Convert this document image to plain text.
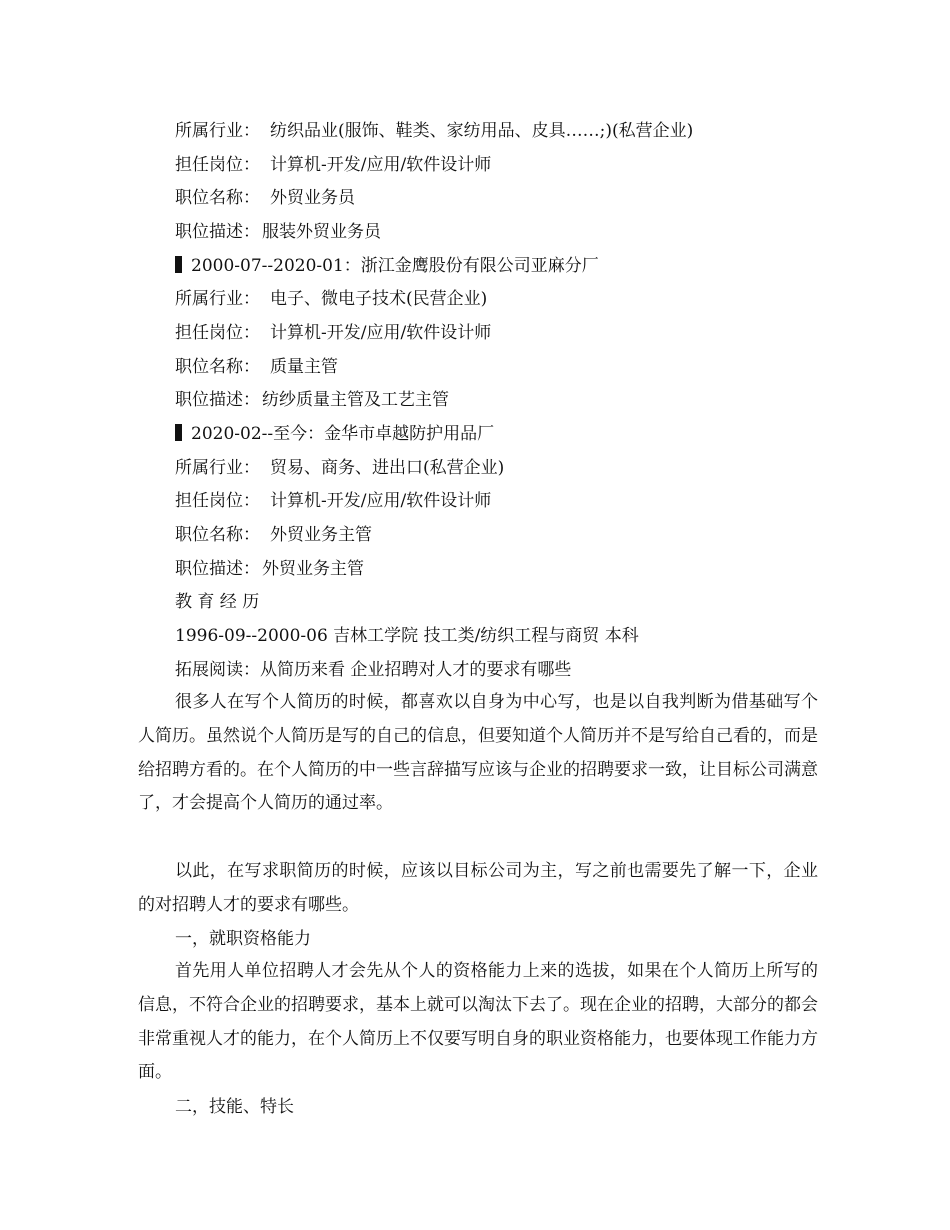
所属行业： 纺织品业(服饰、鞋类、家纺用品、皮具……;)(私营企业)
担任岗位： 计算机-开发/应用/软件设计师
职位名称： 外贸业务员
职位描述： 服装外贸业务员
2000-07--2020-01：浙江金鹰股份有限公司亚麻分厂
所属行业： 电子、微电子技术(民营企业)
担任岗位： 计算机-开发/应用/软件设计师
职位名称： 质量主管
职位描述： 纺纱质量主管及工艺主管
2020-02--至今：金华市卓越防护用品厂
所属行业： 贸易、商务、进出口(私营企业)
担任岗位： 计算机-开发/应用/软件设计师
职位名称： 外贸业务主管
职位描述： 外贸业务主管
教 育 经 历
1996-09--2000-06 吉林工学院 技工类/纺织工程与商贸 本科
拓展阅读：从简历来看 企业招聘对人才的要求有哪些
很多人在写个人简历的时候，都喜欢以自身为中心写，也是以自我判断为借基础写个人简历。虽然说个人简历是写的自己的信息，但要知道个人简历并不是写给自己看的，而是给招聘方看的。在个人简历的中一些言辞描写应该与企业的招聘要求一致，让目标公司满意了，才会提高个人简历的通过率。
以此，在写求职简历的时候，应该以目标公司为主，写之前也需要先了解一下，企业的对招聘人才的要求有哪些。
一，就职资格能力
首先用人单位招聘人才会先从个人的资格能力上来的选拔，如果在个人简历上所写的信息，不符合企业的招聘要求，基本上就可以淘汰下去了。现在企业的招聘，大部分的都会非常重视人才的能力，在个人简历上不仅要写明自身的职业资格能力，也要体现工作能力方面。
二，技能、特长
